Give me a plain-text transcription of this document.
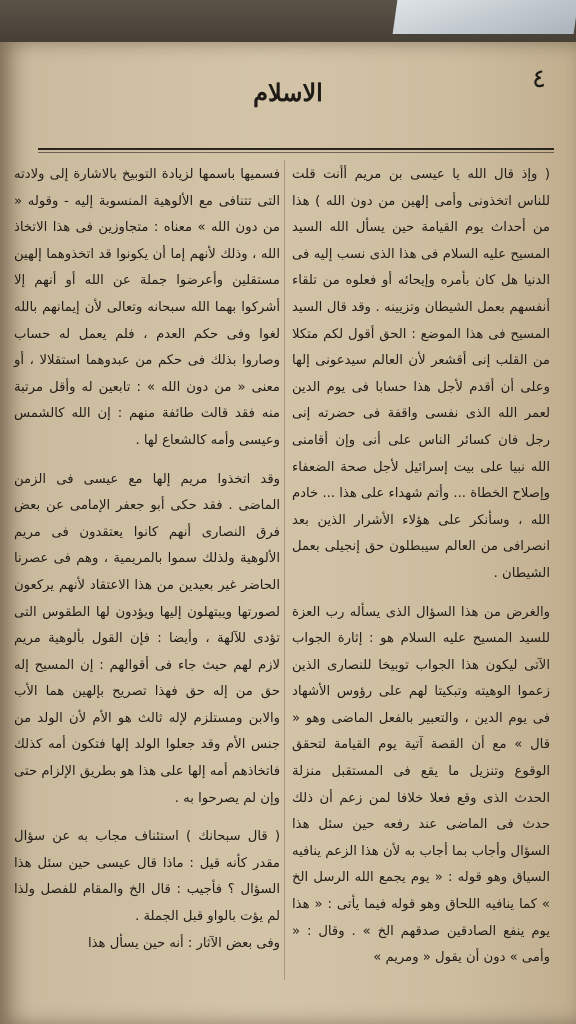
٤
الاسلام

( وإذ قال الله يا عيسى بن مريم أأنت قلت للناس اتخذونى وأمى إلهين من دون الله ) هذا من أحداث يوم القيامة حين يسأل الله السيد المسيح عليه السلام فى هذا الذى نسب إليه فى الدنيا هل كان بأمره وإيحائه أو فعلوه من تلقاء أنفسهم بعمل الشيطان وتزيينه . وقد قال السيد المسيح فى هذا الموضع : الحق أقول لكم متكلا من القلب إنى أقشعر لأن العالم سيدعونى إلها وعلى أن أقدم لأجل هذا حسابا فى يوم الدين لعمر الله الذى نفسى واقفة فى حضرته إنى رجل فان كسائر الناس على أنى وإن أقامنى الله نبيا على بيت إسرائيل لأجل صحة الضعفاء وإصلاح الخطاة ... وأتم شهداء على هذا ... خادم الله ، وسأنكر على هؤلاء الأشرار الذين بعد انصرافى من العالم سيبطلون حق إنجيلى بعمل الشيطان .

والغرض من هذا السؤال الذى يسأله رب العزة للسيد المسيح عليه السلام هو : إثارة الجواب الآتى ليكون هذا الجواب توبيخا للنصارى الذين زعموا الوهيته وتبكيتا لهم على رؤوس الأشهاد فى يوم الدين ، والتعبير بالفعل الماضى وهو « قال » مع أن القصة آتية يوم القيامة لتحقق الوقوع وتنزيل ما يقع فى المستقبل منزلة الحدث الذى وقع فعلا خلافا لمن زعم أن ذلك حدث فى الماضى عند رفعه حين سئل هذا السؤال وأجاب بما أجاب به لأن هذا الزعم ينافيه السياق وهو قوله : « يوم يجمع الله الرسل الخ » كما ينافيه اللحاق وهو قوله فيما يأتى : « هذا يوم ينفع الصادقين صدقهم الخ » . وقال : « وأمى » دون أن يقول « ومريم »

فسميها باسمها لزيادة التوبيخ بالاشارة إلى ولادته التى تتنافى مع الألوهية المنسوبة إليه - وقوله « من دون الله » معناه : متجاوزين فى هذا الاتخاذ الله ، وذلك لأنهم إما أن يكونوا قد اتخذوهما إلهين مستقلين وأعرضوا جملة عن الله أو أنهم إلا أشركوا بهما الله سبحانه وتعالى لأن إيمانهم بالله لغوا وفى حكم العدم ، فلم يعمل له حساب وصاروا بذلك فى حكم من عبدوهما استقلالا ، أو معنى « من دون الله » : تابعين له وأقل مرتبة منه فقد قالت طائفة منهم : إن الله كالشمس وعيسى وأمه كالشعاع لها .

وقد اتخذوا مريم إلها مع عيسى فى الزمن الماضى . فقد حكى أبو جعفر الإمامى عن بعض فرق النصارى أنهم كانوا يعتقدون فى مريم الألوهية ولذلك سموا بالمريمية ، وهم فى عصرنا الحاضر غير بعيدين من هذا الاعتقاد لأنهم يركعون لصورتها ويبتهلون إليها ويؤدون لها الطقوس التى تؤدى للآلهة ، وأيضا : فإن القول بألوهية مريم لازم لهم حيث جاء فى أقوالهم : إن المسيح إله حق من إله حق فهذا تصريح بإلهين هما الأب والابن ومستلزم لإله ثالث هو الأم لأن الولد من جنس الأم وقد جعلوا الولد إلها فتكون أمه كذلك فاتخاذهم أمه إلها على هذا هو بطريق الإلزام حتى وإن لم يصرحوا به .

( قال سبحانك ) استئناف مجاب به عن سؤال مقدر كأنه قيل : ماذا قال عيسى حين سئل هذا السؤال ؟ فأجيب : قال الخ والمقام للفصل ولذا لم يؤت بالواو قبل الجملة .

وفى بعض الآثار : أنه حين يسأل هذا
